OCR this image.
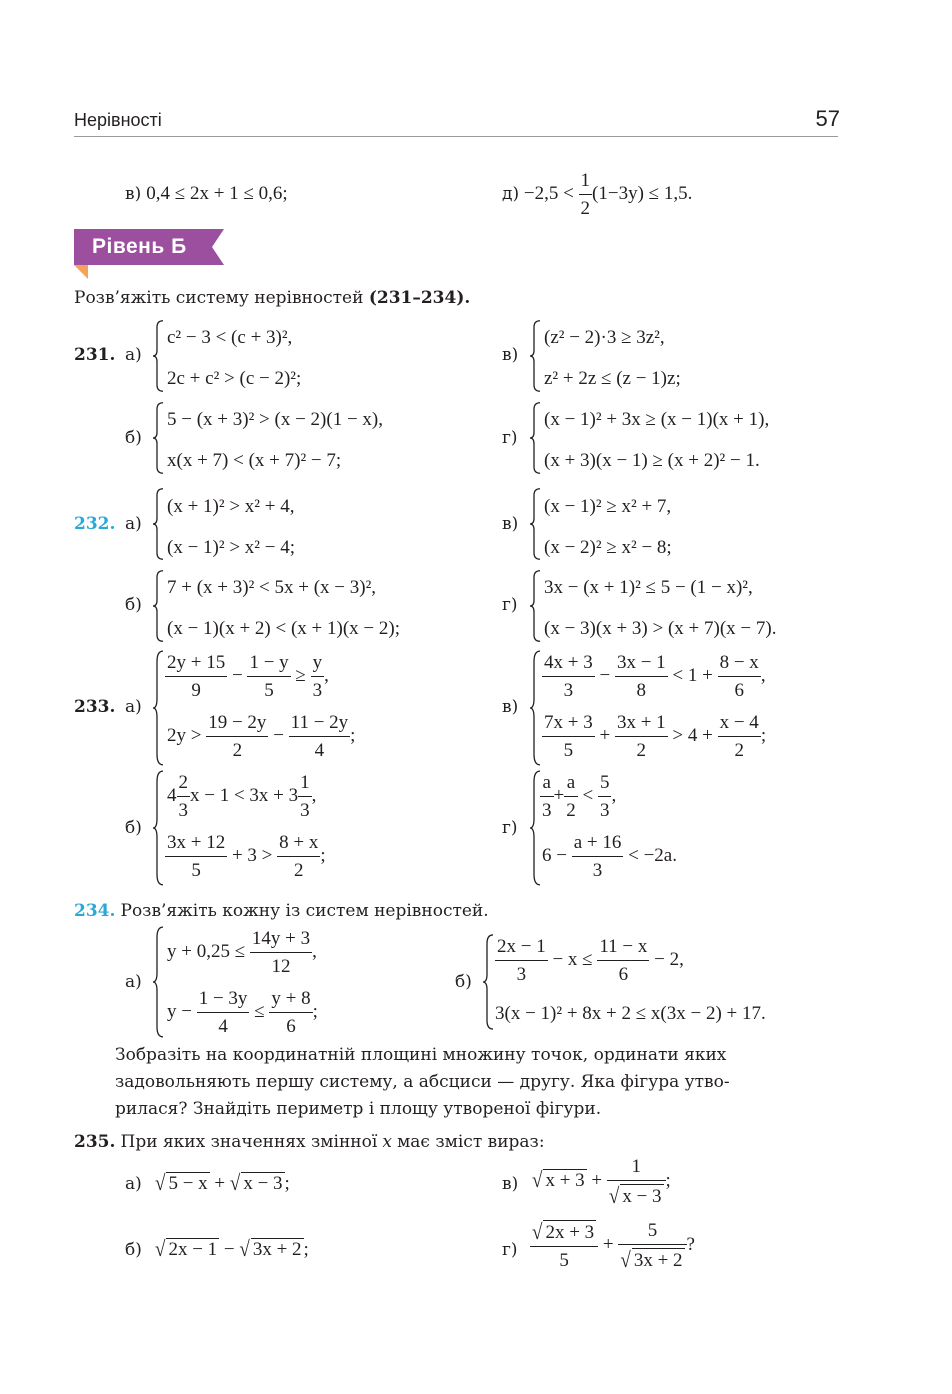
Нерівності	57
в) 0,4 ≤ 2x + 1 ≤ 0,6;	$д) -2,5 < \frac{1}{2} (1-3y) \le 1,5$.
Рівень Б
Розв’яжіть систему нерівностей (231–234).
231. а)
c² − 3 < (c + 3)²,
2c + c² > (c − 2)²;
в)
(z² − 2)·3 ≥ 3z²,
z² + 2z ≤ (z − 1)z;
б)
5 − (x + 3)² > (x − 2)(1 − x),
x(x + 7) < (x + 7)² − 7;
г)
(x − 1)² + 3x ≥ (x − 1)(x + 1),
(x + 3)(x − 1) ≥ (x + 2)² − 1.
232. а)
(x + 1)² > x² + 4,
(x − 1)² > x² − 4;
в)
(x − 1)² ≥ x² + 7,
(x − 2)² ≥ x² − 8;
б)
7 + (x + 3)² < 5x + (x − 3)²,
(x − 1)(x + 2) < (x + 1)(x − 2);
г)
3x − (x + 1)² ≤ 5 − (1 − x)²,
(x − 3)(x + 3) > (x + 7)(x − 7).
233. а)
$\frac{2y + 15}{9} - \frac{1 - y}{5} \ge \frac{y}{3}$ ,
$2y > \frac{19 - 2y}{2} - \frac{11 - 2y}{4}$ ;
в)
$\frac{4x + 3}{3} - \frac{3x - 1}{8} < 1 + \frac{8 - x}{6}$ ,
$\frac{7x + 3}{5} + \frac{3x + 1}{2} > 4 + \frac{x - 4}{2}$ ;
б)
$4 \frac{2}{3}$ $x - 1 < 3x + 3 \frac{1}{3}$ ,
$\frac{3x + 12}{5} + 3 > \frac{8 + x}{2}$ ;
г)
$\frac{a}{3} + \frac{a}{2} < \frac{5}{3}$ ,
$6 - \frac{a + 16}{3} < -2a$.
234. Розв’яжіть кожну із систем нерівностей.
а)
$y + 0,25 \le \frac{14y + 3}{12}$ ,
$y - \frac{1 - 3y}{4} \le \frac{y + 8}{6}$ ;
$б) \frac{2x - 1}{3} - x \le \frac{11 - x}{6} - 2$,
3(x − 1)² + 8x + 2 ≤ x(3x − 2) + 17.
Зобразіть на координатній площині множину точок, ординати яких
задовольняють першу систему, а абсциси — другу. Яка фігура утво-
рилася? Знайдіть периметр і площу утвореної фігури.
235. При яких значеннях змінної x має зміст вираз:
а) √ 5 − x + √ x − 3 ;	в) √ $x + 3 + \frac{1}{√ x - 3}$ ;
б) √ 2x − 1 − √ 3x + 2 ;	$г) \frac{√ 2x + 3}{5} + \frac{5}{√ 3x + 2}$ ?
